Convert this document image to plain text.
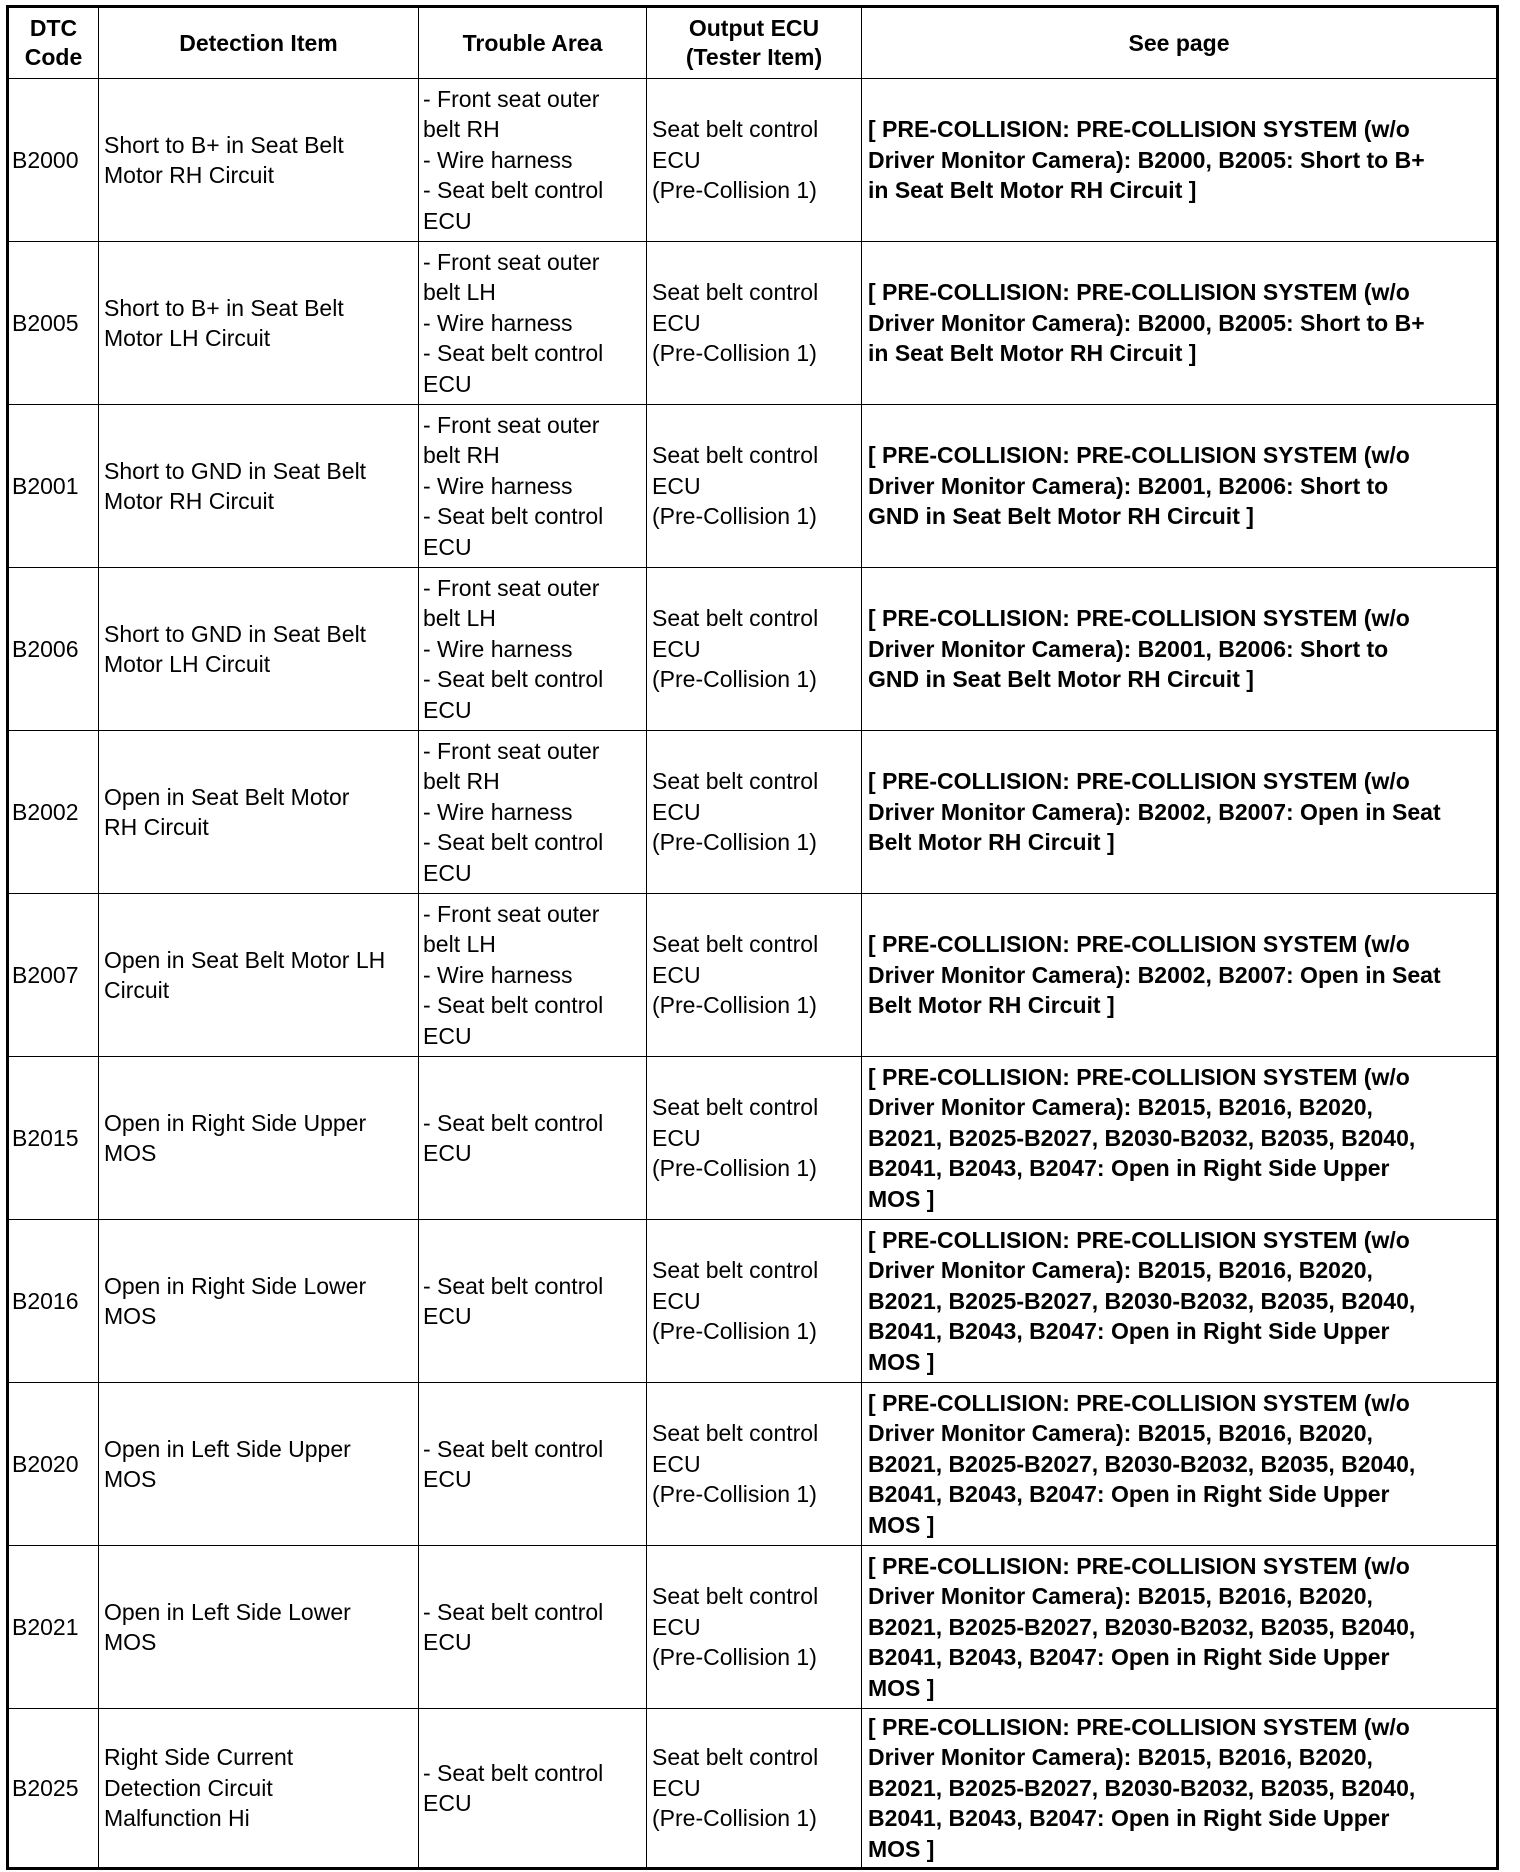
DTC
Code	Detection Item	Trouble Area	Output ECU
(Tester Item)	See page

B2000	Short to B+ in Seat Belt
Motor RH Circuit	- Front seat outer
belt RH
- Wire harness
- Seat belt control
ECU	Seat belt control
ECU
(Pre-Collision 1)	[ PRE-COLLISION: PRE-COLLISION SYSTEM (w/o
Driver Monitor Camera): B2000, B2005: Short to B+
in Seat Belt Motor RH Circuit ]

B2005	Short to B+ in Seat Belt
Motor LH Circuit	- Front seat outer
belt LH
- Wire harness
- Seat belt control
ECU	Seat belt control
ECU
(Pre-Collision 1)	[ PRE-COLLISION: PRE-COLLISION SYSTEM (w/o
Driver Monitor Camera): B2000, B2005: Short to B+
in Seat Belt Motor RH Circuit ]

B2001	Short to GND in Seat Belt
Motor RH Circuit	- Front seat outer
belt RH
- Wire harness
- Seat belt control
ECU	Seat belt control
ECU
(Pre-Collision 1)	[ PRE-COLLISION: PRE-COLLISION SYSTEM (w/o
Driver Monitor Camera): B2001, B2006: Short to
GND in Seat Belt Motor RH Circuit ]

B2006	Short to GND in Seat Belt
Motor LH Circuit	- Front seat outer
belt LH
- Wire harness
- Seat belt control
ECU	Seat belt control
ECU
(Pre-Collision 1)	[ PRE-COLLISION: PRE-COLLISION SYSTEM (w/o
Driver Monitor Camera): B2001, B2006: Short to
GND in Seat Belt Motor RH Circuit ]

B2002	Open in Seat Belt Motor
RH Circuit	- Front seat outer
belt RH
- Wire harness
- Seat belt control
ECU	Seat belt control
ECU
(Pre-Collision 1)	[ PRE-COLLISION: PRE-COLLISION SYSTEM (w/o
Driver Monitor Camera): B2002, B2007: Open in Seat
Belt Motor RH Circuit ]

B2007	Open in Seat Belt Motor LH
Circuit	- Front seat outer
belt LH
- Wire harness
- Seat belt control
ECU	Seat belt control
ECU
(Pre-Collision 1)	[ PRE-COLLISION: PRE-COLLISION SYSTEM (w/o
Driver Monitor Camera): B2002, B2007: Open in Seat
Belt Motor RH Circuit ]

B2015	Open in Right Side Upper
MOS	- Seat belt control
ECU	Seat belt control
ECU
(Pre-Collision 1)	[ PRE-COLLISION: PRE-COLLISION SYSTEM (w/o
Driver Monitor Camera): B2015, B2016, B2020,
B2021, B2025-B2027, B2030-B2032, B2035, B2040,
B2041, B2043, B2047: Open in Right Side Upper
MOS ]

B2016	Open in Right Side Lower
MOS	- Seat belt control
ECU	Seat belt control
ECU
(Pre-Collision 1)	[ PRE-COLLISION: PRE-COLLISION SYSTEM (w/o
Driver Monitor Camera): B2015, B2016, B2020,
B2021, B2025-B2027, B2030-B2032, B2035, B2040,
B2041, B2043, B2047: Open in Right Side Upper
MOS ]

B2020	Open in Left Side Upper
MOS	- Seat belt control
ECU	Seat belt control
ECU
(Pre-Collision 1)	[ PRE-COLLISION: PRE-COLLISION SYSTEM (w/o
Driver Monitor Camera): B2015, B2016, B2020,
B2021, B2025-B2027, B2030-B2032, B2035, B2040,
B2041, B2043, B2047: Open in Right Side Upper
MOS ]

B2021	Open in Left Side Lower
MOS	- Seat belt control
ECU	Seat belt control
ECU
(Pre-Collision 1)	[ PRE-COLLISION: PRE-COLLISION SYSTEM (w/o
Driver Monitor Camera): B2015, B2016, B2020,
B2021, B2025-B2027, B2030-B2032, B2035, B2040,
B2041, B2043, B2047: Open in Right Side Upper
MOS ]

B2025	Right Side Current
Detection Circuit
Malfunction Hi	- Seat belt control
ECU	Seat belt control
ECU
(Pre-Collision 1)	[ PRE-COLLISION: PRE-COLLISION SYSTEM (w/o
Driver Monitor Camera): B2015, B2016, B2020,
B2021, B2025-B2027, B2030-B2032, B2035, B2040,
B2041, B2043, B2047: Open in Right Side Upper
MOS ]
